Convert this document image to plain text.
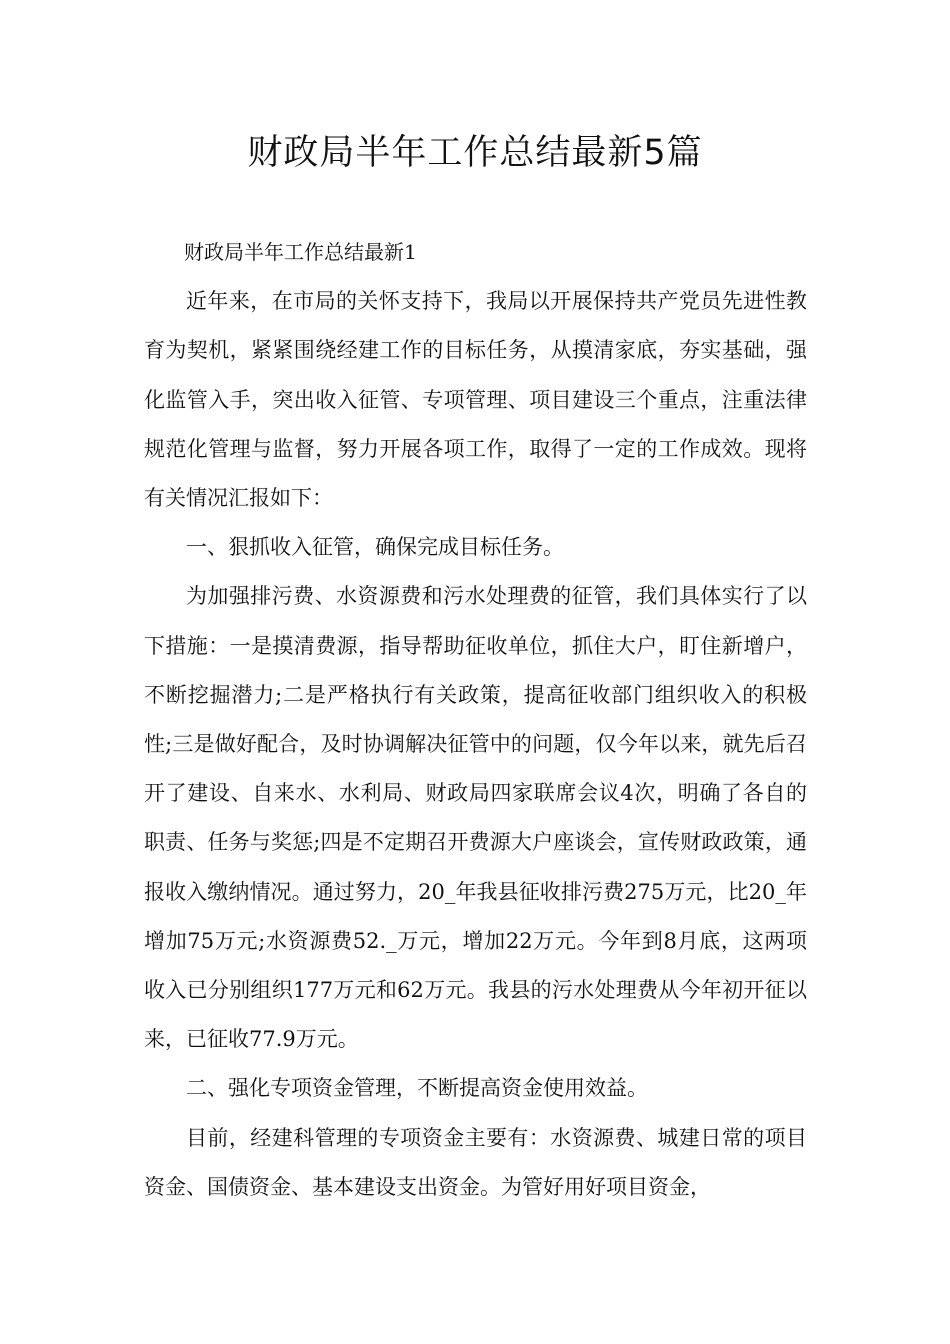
财政局半年工作总结最新5篇

财政局半年工作总结最新1

近年来，在市局的关怀支持下，我局以开展保持共产党员先进性教育为契机，紧紧围绕经建工作的目标任务，从摸清家底，夯实基础，强化监管入手，突出收入征管、专项管理、项目建设三个重点，注重法律规范化管理与监督，努力开展各项工作，取得了一定的工作成效。现将有关情况汇报如下：

一、狠抓收入征管，确保完成目标任务。

为加强排污费、水资源费和污水处理费的征管，我们具体实行了以下措施：一是摸清费源，指导帮助征收单位，抓住大户，盯住新增户，不断挖掘潜力;二是严格执行有关政策，提高征收部门组织收入的积极性;三是做好配合，及时协调解决征管中的问题，仅今年以来，就先后召开了建设、自来水、水利局、财政局四家联席会议4次，明确了各自的职责、任务与奖惩;四是不定期召开费源大户座谈会，宣传财政政策，通报收入缴纳情况。通过努力，20_年我县征收排污费275万元，比20_年增加75万元;水资源费52._万元，增加22万元。今年到8月底，这两项收入已分别组织177万元和62万元。我县的污水处理费从今年初开征以来，已征收77.9万元。

二、强化专项资金管理，不断提高资金使用效益。

目前，经建科管理的专项资金主要有：水资源费、城建日常的项目资金、国债资金、基本建设支出资金。为管好用好项目资金，
